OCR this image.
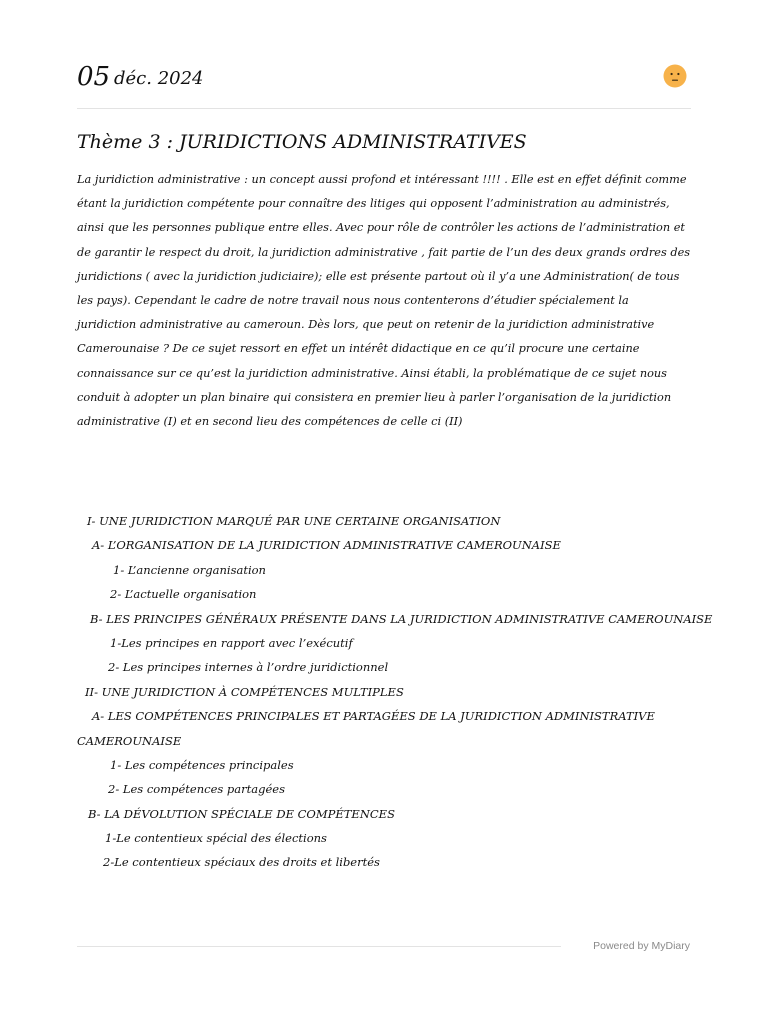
05 déc. 2024
Thème 3 : JURIDICTIONS ADMINISTRATIVES

La juridiction administrative : un concept aussi profond et intéressant !!!! . Elle est en effet définit comme étant la juridiction compétente pour connaître des litiges qui opposent l’administration au administrés, ainsi que les personnes publique entre elles. Avec pour rôle de contrôler les actions de l’administration et de garantir le respect du droit, la juridiction administrative , fait partie de l’un des deux grands ordres des juridictions ( avec la juridiction judiciaire); elle est présente partout où il y’a une Administration( de tous les pays). Cependant le cadre de notre travail nous nous contenterons d’étudier spécialement la juridiction administrative au cameroun. Dès lors, que peut on retenir de la juridiction administrative Camerounaise ? De ce sujet ressort en effet un intérêt didactique en ce qu’il procure une certaine connaissance sur ce qu’est la juridiction administrative. Ainsi établi, la problématique de ce sujet nous conduit à adopter un plan binaire qui consistera en premier lieu à parler l’organisation de la juridiction administrative (I) et en second lieu des compétences de celle ci (II)

I- UNE JURIDICTION MARQUÉ PAR UNE CERTAINE ORGANISATION
A- L’ORGANISATION DE LA JURIDICTION ADMINISTRATIVE CAMEROUNAISE
1- L’ancienne organisation
2- L’actuelle organisation
B- LES PRINCIPES GÉNÉRAUX PRÉSENTE DANS LA JURIDICTION ADMINISTRATIVE CAMEROUNAISE
1-Les principes en rapport avec l’exécutif
2- Les principes internes à l’ordre juridictionnel
II- UNE JURIDICTION À COMPÉTENCES MULTIPLES
A- LES COMPÉTENCES PRINCIPALES ET PARTAGÉES DE LA JURIDICTION ADMINISTRATIVE
CAMEROUNAISE
1- Les compétences principales
2- Les compétences partagées
B- LA DÉVOLUTION SPÉCIALE DE COMPÉTENCES
1-Le contentieux spécial des élections
2-Le contentieux spéciaux des droits et libertés
Powered by MyDiary
